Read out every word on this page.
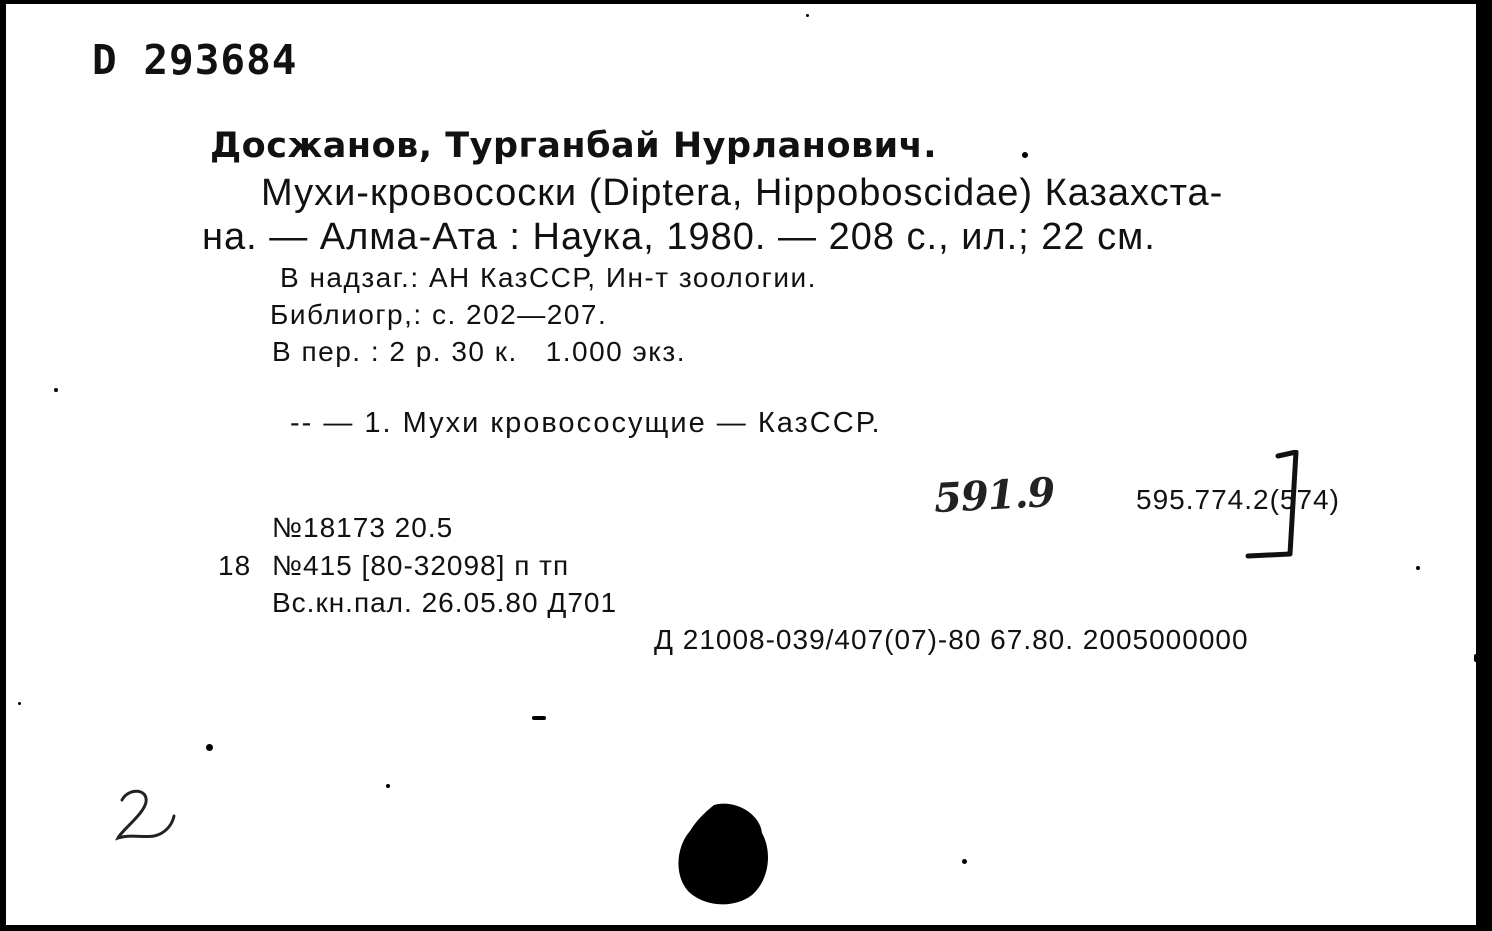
D 293684
Досжанов, Турганбай Нурланович.
Мухи-кровососки (Diptera, Hippoboscidae) Казахста-
на. — Алма-Ата : Наука, 1980. — 208 с., ил.; 22 см.
В надзаг.: АН КазССР, Ин-т зоологии.
Библиогр,: с. 202—207.
В пер. : 2 р. 30 к.   1.000 экз.
-- — 1. Мухи кровососущие — КазССР.
591.9	595.774.2(574)
№18173 20.5
18 №415 [80-32098] п тп
Вс.кн.пал. 26.05.80 Д701
Д 21008-039/407(07)-80 67.80. 2005000000
